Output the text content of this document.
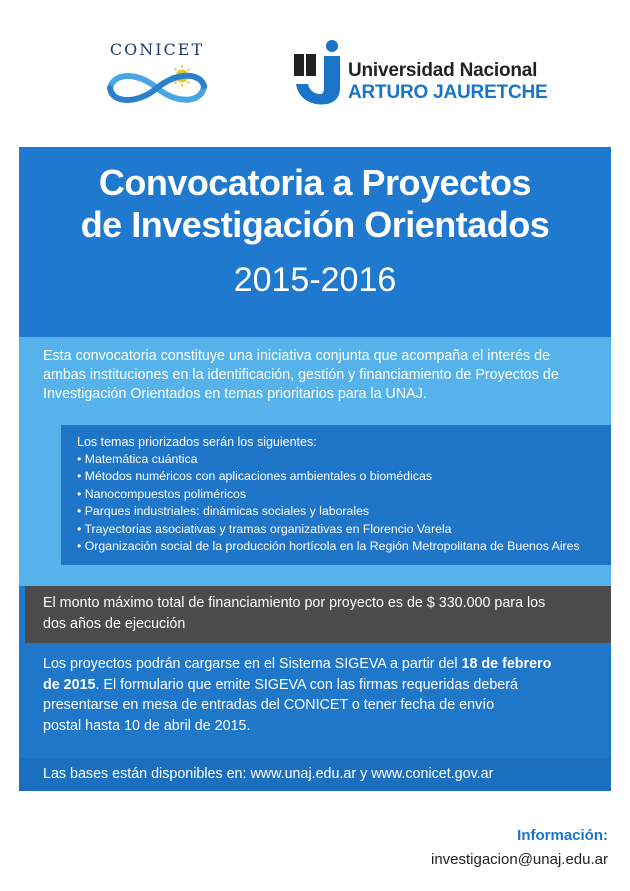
CONICET
Universidad Nacional
ARTURO JAURETCHE
Convocatoria a Proyectos
de Investigación Orientados
2015-2016
Esta convocatoria constituye una iniciativa conjunta que acompaña el interés de
ambas instituciones en la identificación, gestión y financiamiento de Proyectos de
Investigación Orientados en temas prioritarios para la UNAJ.
Los temas priorizados serán los siguientes:
• Matemática cuántica
• Métodos numéricos con aplicaciones ambientales o biomédicas
• Nanocompuestos poliméricos
• Parques industriales: dinámicas sociales y laborales
• Trayectorias asociativas y tramas organizativas en Florencio Varela
• Organización social de la producción hortícola en la Región Metropolitana de Buenos Aires
El monto máximo total de financiamiento por proyecto es de $ 330.000 para los
dos años de ejecución
Los proyectos podrán cargarse en el Sistema SIGEVA a partir del 18 de febrero
de 2015. El formulario que emite SIGEVA con las firmas requeridas deberá
presentarse en mesa de entradas del CONICET o tener fecha de envío
postal hasta 10 de abril de 2015.
Las bases están disponibles en: www.unaj.edu.ar y www.conicet.gov.ar
Información:
investigacion@unaj.edu.ar
